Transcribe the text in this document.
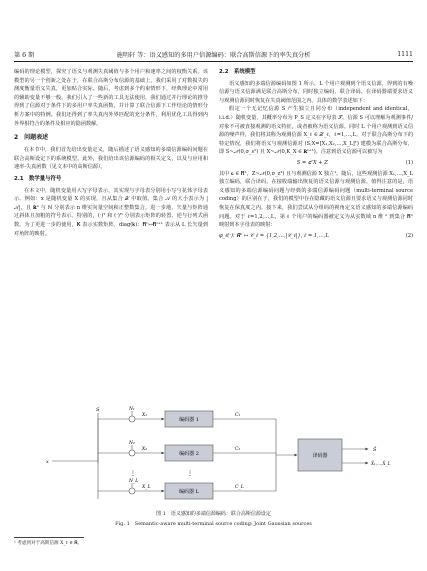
第 6 期	施明轩 等：语义感知的多用户信源编码：联合高斯信源下的率失真分析	1111

编码的理论模型，探究了语义与观测失真阈值与多个用户和速率之间的权衡关系。该模型的另一个创新之处在于，在联合高斯分布信源的基础上，我们采用了对数损失的测度衡量语义失真，更加贴合实际。随后，考虑到多个约束情形下，经典理论中常用的辅助变量不够一般，我们引入了一些新的工具无法使用，我们通过并行理论的推导得到了信源对于条件下的多用户率失真函数，并计算了联合信源下工作结论的情形分析方案中的特例。我们还得到了率失真内外界匹配的充分条件，利用优化工具得到内外界相符合的条件及相应的隐函数解。

2　问题表述

在本节中，我们首先给出变量定义，随后描述了语义感知的多端信源编码问题在联合高斯设定下的系统模型。此外，我们给出该信源编码的相关定义，以及与应用和速率-失真函数（见文本中的高斯信源）。

2.1　数学量与符号

在本文中，随机变量用大写字母表示，其实现与字母表分别用小写与花体字母表示。例如：x 是随机变量 X 的实现，且从集合 𝒳 中取值。集合 𝒜 的大小表示为 |𝒜|，且 𝐑ⁿ 与 ℕ 分别表示 n 维实向量空间和正整数集合。进一步地，矢量与矩阵通过斜体且加粗的符号表示。特别的，(·)ᵀ 和 (·)ᴴ 分别表示矩阵的转置、逆与行列式函数。为了更进一步的使用，𝐊 表示实数矩阵，diag(𝐤)：𝐑ᴸ↦𝐑ᴸˣᴸ 表示从 L 长矢量到对角阵的映射。

2.2　系统模型

语义感知的多端信源编码如图 1 所示，L 个用户观测到个语义信源，得到的有噪信源与语义信源满足联合高斯分布，同时独立编码，联合译码。在译码器端要求语义与观测信源同时恢复在失真阈值范围之内。具体的数学表述如下：

假定一个无记忆信源 S 产生独立且同分布（independent and identical，i.i.d.）随机变量，其概率分布为 P_S 定义在字母表 𝒮。信源 S 可以理解为观测事件/对象不可被直接观测的语义特征，或者被称为语义信源。同时 L 个用户观测到语义信源的噪声样，我们将其称为观测信源 X_ℓ ∈ 𝒳_ℓ，ℓ=1,…,L。对于联合高斯分布下的特定情况，我们将语义与观测信源对 (S,X=[X₁,X₂,…,X_L]ᵀ) 建模为联合高斯分布，即 S~𝒩(0,σ_s²) 且 X~𝒩(0,K_X ∈ 𝐑ᴸˣᴸ)。注意到语义信源可以被写为

S = 𝐜ᵀX + Z	(1)

其中 𝐜 ∈ 𝐑ᴸ，Z~𝒩(0,σ_z²) 且与观测信源 X 独立¹。随后，这些观测信源 X₁,…,X_L 独立编码，联合译码，在接收端输出恢复的语义信源与观测信源。值得注意的是，语义感知的多端信源编码问题与经典的多端信源编码问题（multi-terminal source coding）的区别在于，我们的模型中存在隐藏的语义信源且要求语义与观测信源同时恢复在保真度之内。接下来，我们尝试从分组码的视角定义语义感知的多端信源编码问题。对于 ℓ=1,2,…,L，第 ℓ 个用户的编码器被定义为从实数域 n 维 ⁿ 到集合 𝐑ⁿ 映射到本字母表的映射：

φ_ℓ(·): 𝐑ⁿ ↦ 𝒞_ℓ = {1,2,…,|𝒞_ℓ|}, ℓ = 1,…,L	(2)
S
x
N₁
X₁
编码器 1
C₁
N₂
X₂
编码器 2
C₂
⋮	⋮
N_L
X_L
编码器 L
C_L
译码器
Ŝ
X̂₁,…,X̂_L
图 1　语义感知的多端信源编码：联合高斯信源设定
Fig. 1　Semantic-aware multi-terminal source coding: Joint Gaussian sources
¹ 考虑到对于高斯信源 X_ℓ ∈ 𝐑。
